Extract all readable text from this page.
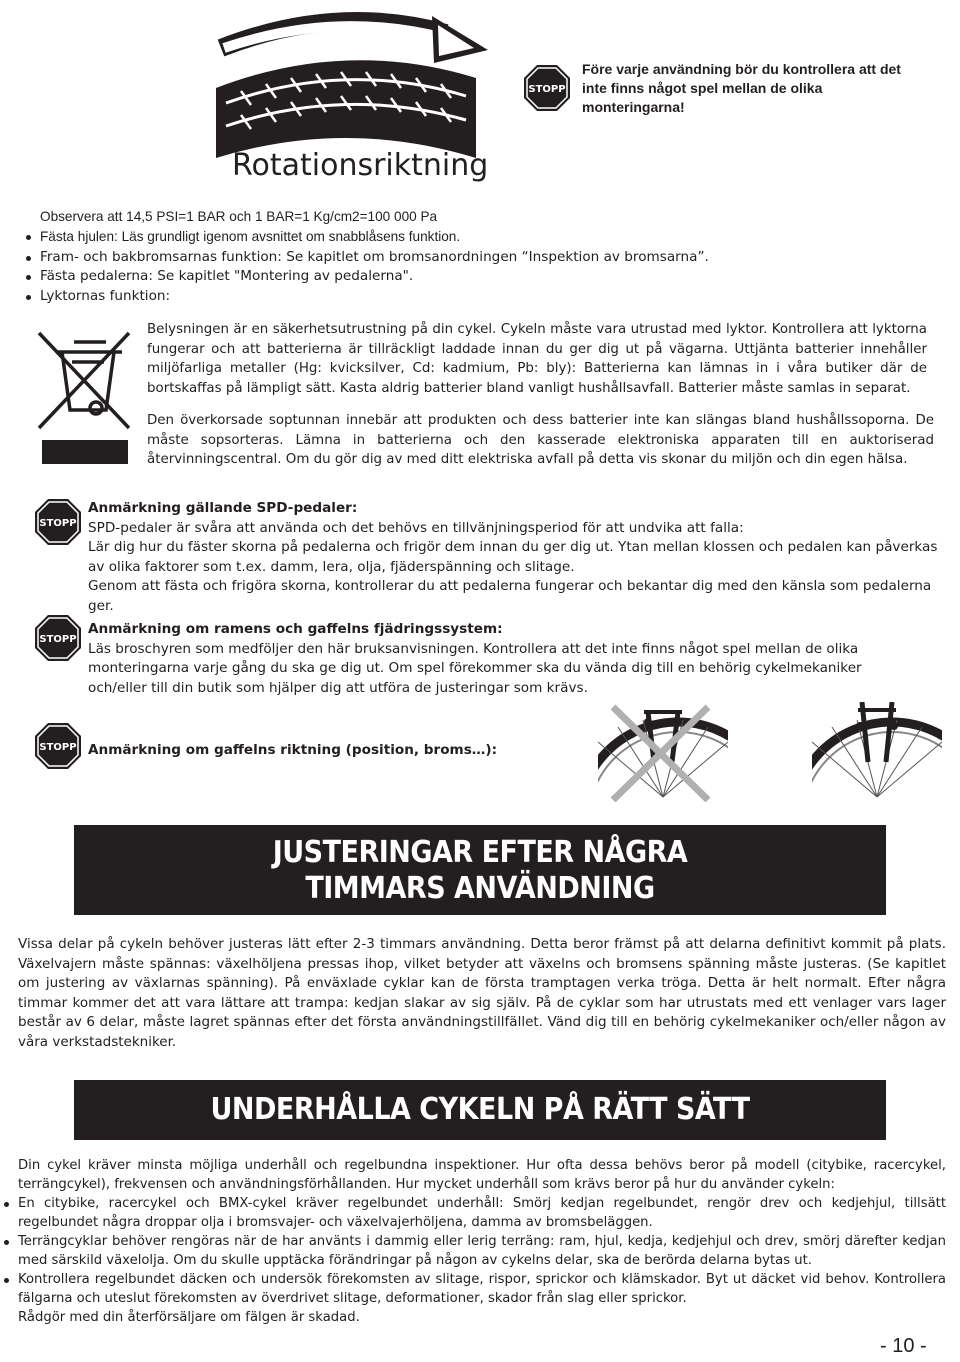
Rotationsriktning
STOPP
Före varje användning bör du kontrollera att det inte finns något spel mellan de olika monteringarna!
Observera att 14,5 PSI=1 BAR och 1 BAR=1 Kg/cm2=100 000 Pa
Fästa hjulen: Läs grundligt igenom avsnittet om snabblåsens funktion.
Fram- och bakbromsarnas funktion: Se kapitlet om bromsanordningen “Inspektion av bromsarna”.
Fästa pedalerna: Se kapitlet "Montering av pedalerna".
Lyktornas funktion:
Belysningen är en säkerhetsutrustning på din cykel. Cykeln måste vara utrustad med lyktor. Kontrollera att lyktorna fungerar och att batterierna är tillräckligt laddade innan du ger dig ut på vägarna. Uttjänta batterier innehåller miljöfarliga metaller (Hg: kvicksilver, Cd: kadmium, Pb: bly): Batterierna kan lämnas in i våra butiker där de bortskaffas på lämpligt sätt. Kasta aldrig batterier bland vanligt hushållsavfall. Batterier måste samlas in separat.
Den överkorsade soptunnan innebär att produkten och dess batterier inte kan slängas bland hushållssoporna. De måste sopsorteras. Lämna in batterierna och den kasserade elektroniska apparaten till en auktoriserad återvinningscentral. Om du gör dig av med ditt elektriska avfall på detta vis skonar du miljön och din egen hälsa.
STOPP

Anmärkning gällande SPD-pedaler:

SPD-pedaler är svåra att använda och det behövs en tillvänjningsperiod för att undvika att falla:

Lär dig hur du fäster skorna på pedalerna och frigör dem innan du ger dig ut. Ytan mellan klossen och pedalen kan påverkas av olika faktorer som t.ex. damm, lera, olja, fjäderspänning och slitage.

Genom att fästa och frigöra skorna, kontrollerar du att pedalerna fungerar och bekantar dig med den känsla som pedalerna ger.

STOPP

Anmärkning om ramens och gaffelns fjädringssystem:

Läs broschyren som medföljer den här bruksanvisningen. Kontrollera att det inte finns något spel mellan de olika monteringarna varje gång du ska ge dig ut. Om spel förekommer ska du vända dig till en behörig cykelmekaniker och/eller till din butik som hjälper dig att utföra de justeringar som krävs.

STOPP Anmärkning om gaffelns riktning (position, broms…):
JUSTERINGAR EFTER NÅGRA
TIMMARS ANVÄNDNING
Vissa delar på cykeln behöver justeras lätt efter 2-3 timmars användning. Detta beror främst på att delarna definitivt kommit på plats. Växelvajern måste spännas: växelhöljena pressas ihop, vilket betyder att växelns och bromsens spänning måste justeras. (Se kapitlet om justering av växlarnas spänning). På enväxlade cyklar kan de första tramptagen verka tröga. Detta är helt normalt. Efter några timmar kommer det att vara lättare att trampa: kedjan slakar av sig själv. På de cyklar som har utrustats med ett venlager vars lager består av 6 delar, måste lagret spännas efter det första användningstillfället. Vänd dig till en behörig cykelmekaniker och/eller någon av våra verkstadstekniker.
UNDERHÅLLA CYKELN PÅ RÄTT SÄTT

Din cykel kräver minsta möjliga underhåll och regelbundna inspektioner. Hur ofta dessa behövs beror på modell (citybike, racercykel, terrängcykel), frekvensen och användningsförhållanden. Hur mycket underhåll som krävs beror på hur du använder cykeln:

En citybike, racercykel och BMX-cykel kräver regelbundet underhåll: Smörj kedjan regelbundet, rengör drev och kedjehjul, tillsätt regelbundet några droppar olja i bromsvajer- och växelvajerhöljena, damma av bromsbeläggen.
Terrängcyklar behöver rengöras när de har använts i dammig eller lerig terräng: ram, hjul, kedja, kedjehjul och drev, smörj därefter kedjan med särskild växelolja. Om du skulle upptäcka förändringar på någon av cykelns delar, ska de berörda delarna bytas ut.
Kontrollera regelbundet däcken och undersök förekomsten av slitage, rispor, sprickor och klämskador. Byt ut däcket vid behov. Kontrollera fälgarna och uteslut förekomsten av överdrivet slitage, deformationer, skador från slag eller sprickor.

Rådgör med din återförsäljare om fälgen är skadad.

- 10 -
